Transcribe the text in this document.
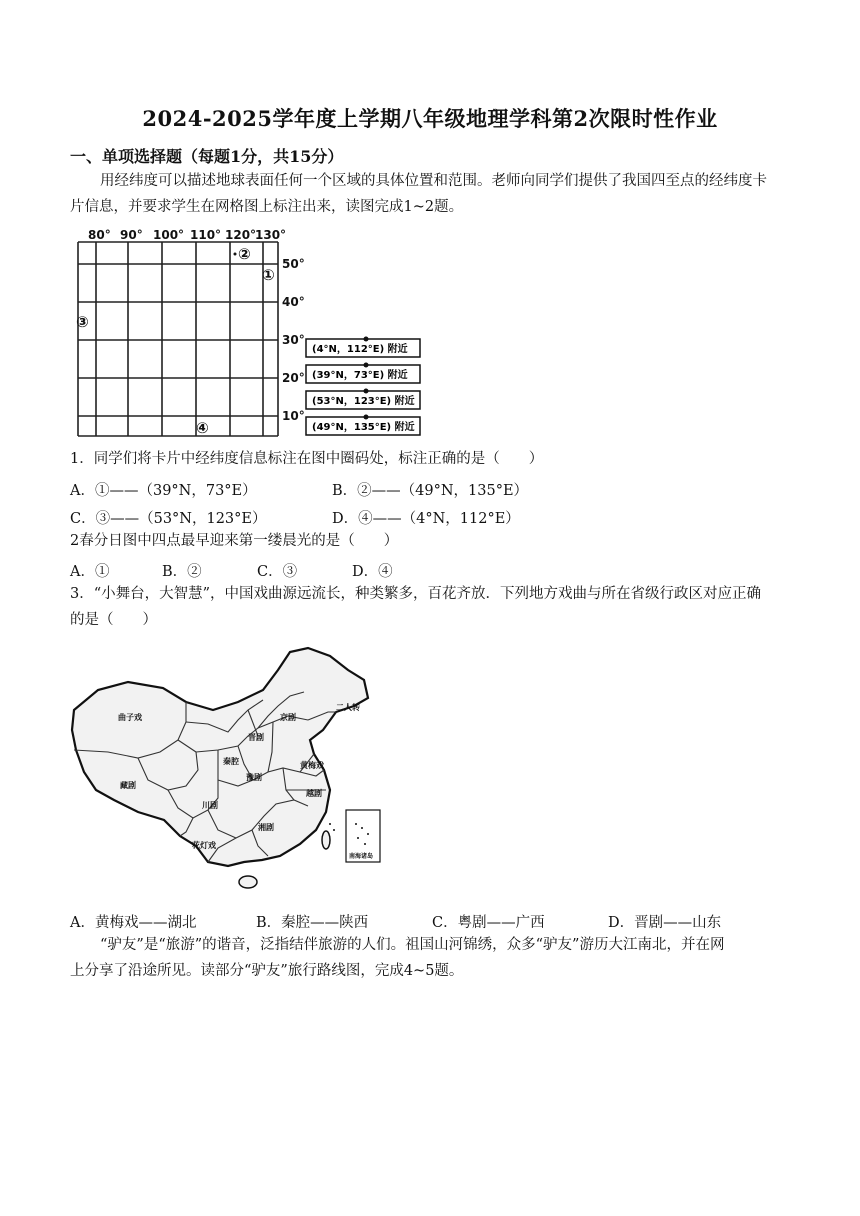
2024-2025学年度上学期八年级地理学科第2次限时性作业
一、单项选择题（每题1分，共15分）
用经纬度可以描述地球表面任何一个区域的具体位置和范围。老师向同学们提供了我国四至点的经纬度卡
片信息，并要求学生在网格图上标注出来，读图完成1~2题。
80° 90° 100° 110° 120°
130°
50°
40°
30°
20°
10°
②
①
③
④
(4°N，112°E) 附近
(39°N，73°E) 附近
(53°N，123°E) 附近
(49°N，135°E) 附近
1．同学们将卡片中经纬度信息标注在图中圈码处，标注正确的是（　　）
A．①——（39°N，73°E）	B．②——（49°N，135°E）
C．③——（53°N，123°E）	D．④——（4°N，112°E）
2春分日图中四点最早迎来第一缕晨光的是（　　）
A．①	B．②	C．③	D．④
3．“小舞台，大智慧”，中国戏曲源远流长，种类繁多，百花齐放．下列地方戏曲与所在省级行政区对应正确
的是（　　）
南海诸岛
曲子戏
二人转
京剧
晋剧
秦腔
豫剧
黄梅戏
越剧
藏剧
川剧
湘剧
花灯戏
A．黄梅戏——湖北	B．秦腔——陕西	C．粤剧——广西	D．晋剧——山东
“驴友”是“旅游”的谐音，泛指结伴旅游的人们。祖国山河锦绣，众多“驴友”游历大江南北，并在网
上分享了沿途所见。读部分“驴友”旅行路线图，完成4~5题。
